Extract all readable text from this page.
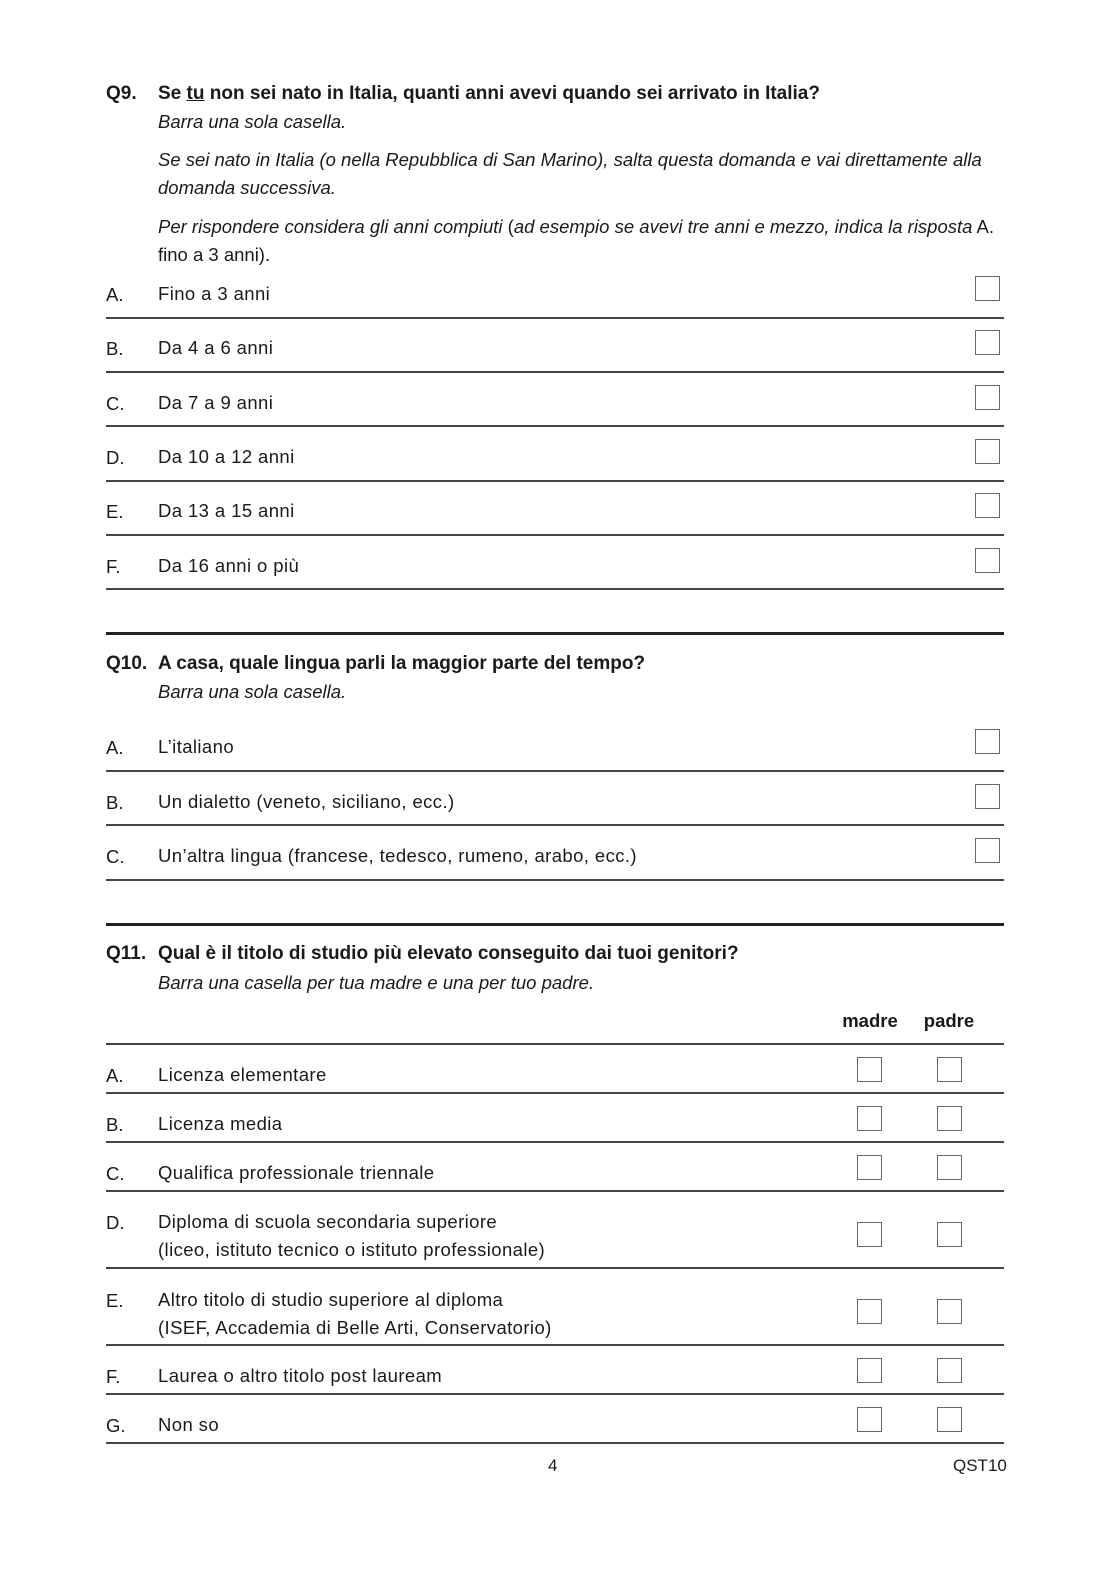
Q9. Se tu non sei nato in Italia, quanti anni avevi quando sei arrivato in Italia?
Barra una sola casella.
Se sei nato in Italia (o nella Repubblica di San Marino), salta questa domanda e vai direttamente alla domanda successiva.
Per rispondere considera gli anni compiuti (ad esempio se avevi tre anni e mezzo, indica la risposta A. fino a 3 anni).
A. Fino a 3 anni
B. Da 4 a 6 anni
C. Da 7 a 9 anni
D. Da 10 a 12 anni
E. Da 13 a 15 anni
F. Da 16 anni o più
Q10. A casa, quale lingua parli la maggior parte del tempo?
Barra una sola casella.
A. L’italiano
B. Un dialetto (veneto, siciliano, ecc.)
C. Un’altra lingua (francese, tedesco, rumeno, arabo, ecc.)
Q11. Qual è il titolo di studio più elevato conseguito dai tuoi genitori?
Barra una casella per tua madre e una per tuo padre.
madre	padre
A. Licenza elementare
B. Licenza media
C. Qualifica professionale triennale
D. Diploma di scuola secondaria superiore
(liceo, istituto tecnico o istituto professionale)
E. Altro titolo di studio superiore al diploma
(ISEF, Accademia di Belle Arti, Conservatorio)
F. Laurea o altro titolo post lauream
G. Non so
4	QST10
